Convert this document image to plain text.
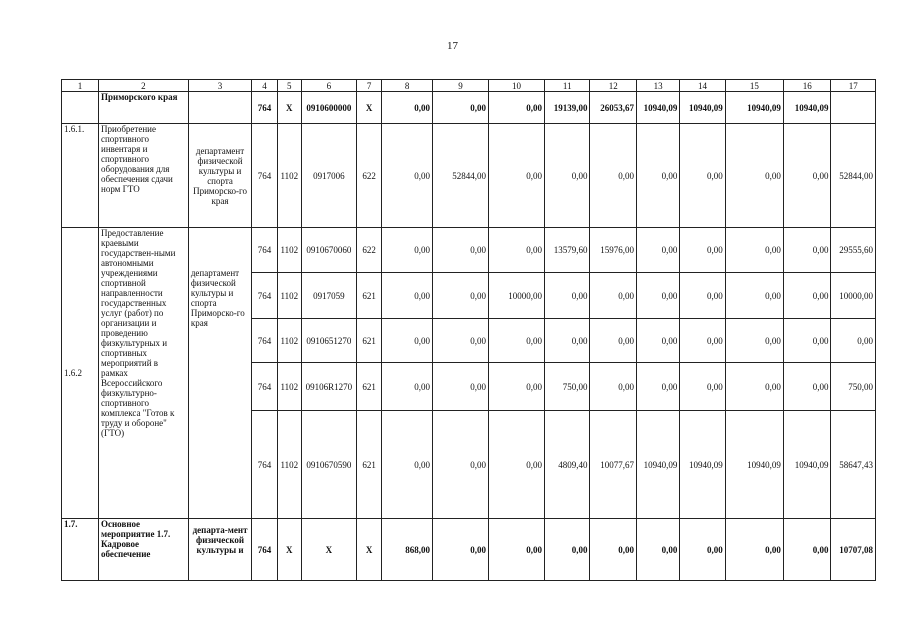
17
1	2	3	4	5	6	7	8	9	10	11	12	13	14	15	16	17
	Приморского края		764	X	0910600000	X	0,00	0,00	0,00	19139,00	26053,67	10940,09	10940,09	10940,09	10940,09	
1.6.1.	Приобретение спортивного инвентаря и спортивного оборудования для обеспечения сдачи норм ГТО	департамент физической культуры и спорта Приморско-го края	764	1102	0917006	622	0,00	52844,00	0,00	0,00	0,00	0,00	0,00	0,00	0,00	52844,00
1.6.2	Предоставление краевыми государствен-ными автономными учреждениями спортивной направленности государственных услуг (работ) по организации и проведению физкультурных и спортивных мероприятий в рамках Всероссийского физкультурно-спортивного комплекса "Готов к труду и обороне" (ГТО)	департамент физической культуры и спорта Приморско-го края	764	1102	0910670060	622	0,00	0,00	0,00	13579,60	15976,00	0,00	0,00	0,00	0,00	29555,60
			764	1102	0917059	621	0,00	0,00	10000,00	0,00	0,00	0,00	0,00	0,00	0,00	10000,00
			764	1102	0910651270	621	0,00	0,00	0,00	0,00	0,00	0,00	0,00	0,00	0,00	0,00
			764	1102	09106R1270	621	0,00	0,00	0,00	750,00	0,00	0,00	0,00	0,00	0,00	750,00
			764	1102	0910670590	621	0,00	0,00	0,00	4809,40	10077,67	10940,09	10940,09	10940,09	10940,09	58647,43
1.7.	Основное мероприятие 1.7. Кадровое обеспечение	департа-мент физической культуры и	764	X	X	X	868,00	0,00	0,00	0,00	0,00	0,00	0,00	0,00	0,00	10707,08
